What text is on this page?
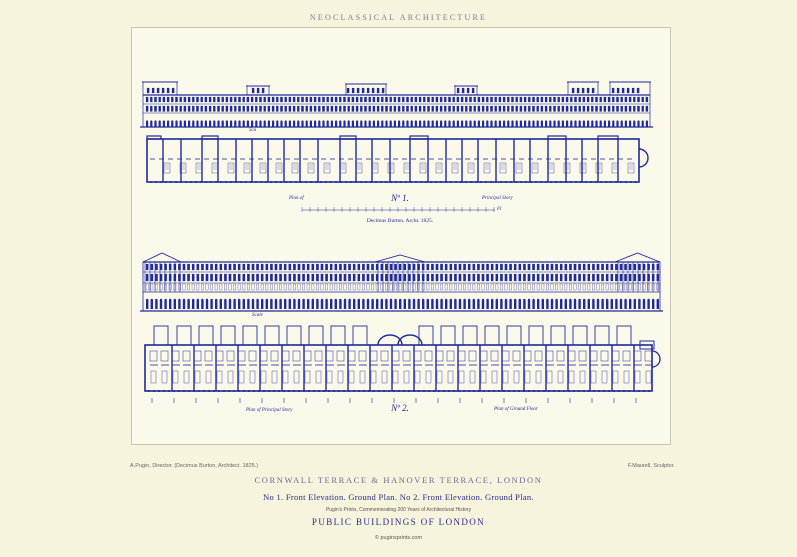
NEOCLASSICAL ARCHITECTURE
· · · · · · · · · · · · · · · · · · · · · · · · ·
Sca
Nº 1.
Plan of	Principal Story
Ft
Decimus Burton. Archt. 1825.
Scale
Nº 2.
Plan of Principal Story	Plan of Ground Floor
A.Pugin, Director. (Decimus Burton, Architect. 1825.)	F.Maurell, Sculptor.
CORNWALL TERRACE & HANOVER TERRACE, LONDON
No 1. Front Elevation. Ground Plan. No 2. Front Elevation. Ground Plan.
Pugin's Prints, Commemorating 200 Years of Architectural History
PUBLIC BUILDINGS OF LONDON
© puginsprints.com
